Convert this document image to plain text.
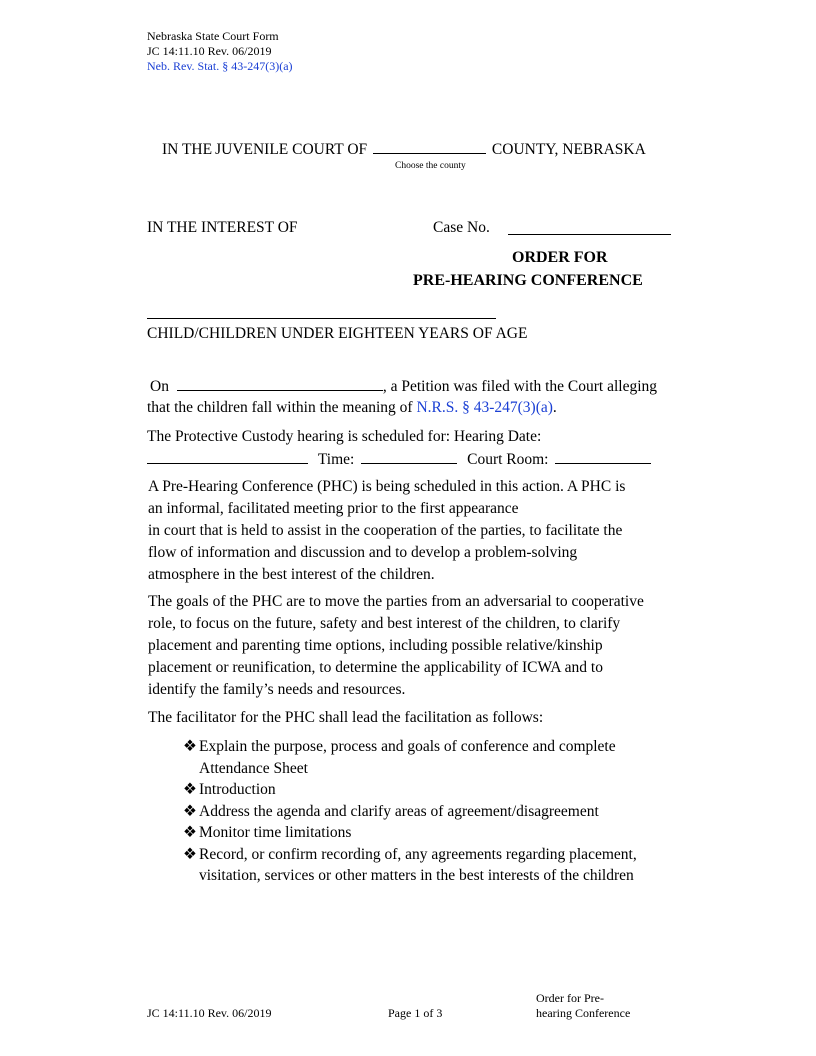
Nebraska State Court Form
JC 14:11.10 Rev. 06/2019
Neb. Rev. Stat. § 43-247(3)(a)
IN THE JUVENILE COURT OF	COUNTY, NEBRASKA
Choose the county
IN THE INTEREST OF	Case No.
ORDER FOR
PRE-HEARING CONFERENCE
CHILD/CHILDREN UNDER EIGHTEEN YEARS OF AGE
On	, a Petition was filed with the Court alleging
that the children fall within the meaning of N.R.S. § 43-247(3)(a).
The Protective Custody hearing is scheduled for: Hearing Date:
Time:	Court Room:
A Pre-Hearing Conference (PHC) is being scheduled in this action. A PHC is
an informal, facilitated meeting prior to the first appearance
in court that is held to assist in the cooperation of the parties, to facilitate the
flow of information and discussion and to develop a problem-solving
atmosphere in the best interest of the children.
The goals of the PHC are to move the parties from an adversarial to cooperative
role, to focus on the future, safety and best interest of the children, to clarify
placement and parenting time options, including possible relative/kinship
placement or reunification, to determine the applicability of ICWA and to
identify the family’s needs and resources.
The facilitator for the PHC shall lead the facilitation as follows:
❖ Explain the purpose, process and goals of conference and complete
Attendance Sheet
❖ Introduction
❖ Address the agenda and clarify areas of agreement/disagreement
❖ Monitor time limitations
❖ Record, or confirm recording of, any agreements regarding placement,
visitation, services or other matters in the best interests of the children
JC 14:11.10 Rev. 06/2019	Page 1 of 3
Order for Pre-
hearing Conference
